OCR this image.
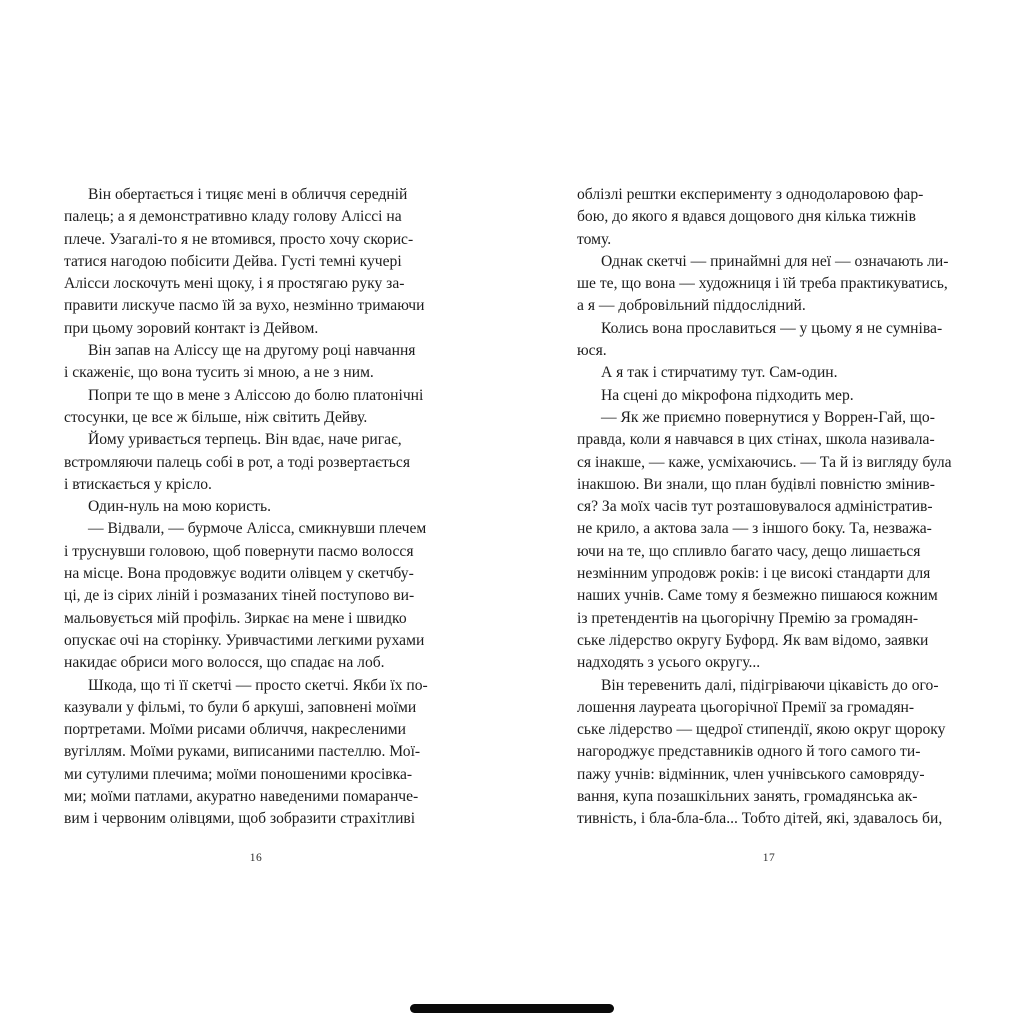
Він обертається і тицяє мені в обличчя середній
палець; а я демонстративно кладу голову Аліссі на
плече. Узагалі-то я не втомився, просто хочу скорис-
татися нагодою побісити Дейва. Густі темні кучері
Алісси лоскочуть мені щоку, і я простягаю руку за-
правити лискуче пасмо їй за вухо, незмінно тримаючи
при цьому зоровий контакт із Дейвом.
Він запав на Аліссу ще на другому році навчання
і скаженіє, що вона тусить зі мною, а не з ним.
Попри те що в мене з Аліссою до болю платонічні
стосунки, це все ж більше, ніж світить Дейву.
Йому уривається терпець. Він вдає, наче ригає,
встромляючи палець собі в рот, а тоді розвертається
і втискається у крісло.
Один-нуль на мою користь.
— Відвали, — бурмоче Алісса, смикнувши плечем
і труснувши головою, щоб повернути пасмо волосся
на місце. Вона продовжує водити олівцем у скетчбу-
ці, де із сірих ліній і розмазаних тіней поступово ви-
мальовується мій профіль. Зиркає на мене і швидко
опускає очі на сторінку. Уривчастими легкими рухами
накидає обриси мого волосся, що спадає на лоб.
Шкода, що ті її скетчі — просто скетчі. Якби їх по-
казували у фільмі, то були б аркуші, заповнені моїми
портретами. Моїми рисами обличчя, накресленими
вугіллям. Моїми руками, виписаними пастеллю. Мої-
ми сутулими плечима; моїми поношеними кросівка-
ми; моїми патлами, акуратно наведеними помаранче-
вим і червоним олівцями, щоб зобразити страхітливі
16
облізлі рештки експерименту з однодоларовою фар-
бою, до якого я вдався дощового дня кілька тижнів
тому.
Однак скетчі — принаймні для неї — означають ли-
ше те, що вона — художниця і їй треба практикуватись,
а я — добровільний піддослідний.
Колись вона прославиться — у цьому я не сумніва-
юся.
А я так і стирчатиму тут. Сам-один.
На сцені до мікрофона підходить мер.
— Як же приємно повернутися у Воррен-Гай, що-
правда, коли я навчався в цих стінах, школа називала-
ся інакше, — каже, усміхаючись. — Та й із вигляду була
інакшою. Ви знали, що план будівлі повністю змінив-
ся? За моїх часів тут розташовувалося адміністратив-
не крило, а актова зала — з іншого боку. Та, незважа-
ючи на те, що спливло багато часу, дещо лишається
незмінним упродовж років: і це високі стандарти для
наших учнів. Саме тому я безмежно пишаюся кожним
із претендентів на цьогорічну Премію за громадян-
ське лідерство округу Буфорд. Як вам відомо, заявки
надходять з усього округу...
Він теревенить далі, підігріваючи цікавість до ого-
лошення лауреата цьогорічної Премії за громадян-
ське лідерство — щедрої стипендії, якою округ щороку
нагороджує представників одного й того самого ти-
пажу учнів: відмінник, член учнівського самовряду-
вання, купа позашкільних занять, громадянська ак-
тивність, і бла-бла-бла... Тобто дітей, які, здавалось би,
17
